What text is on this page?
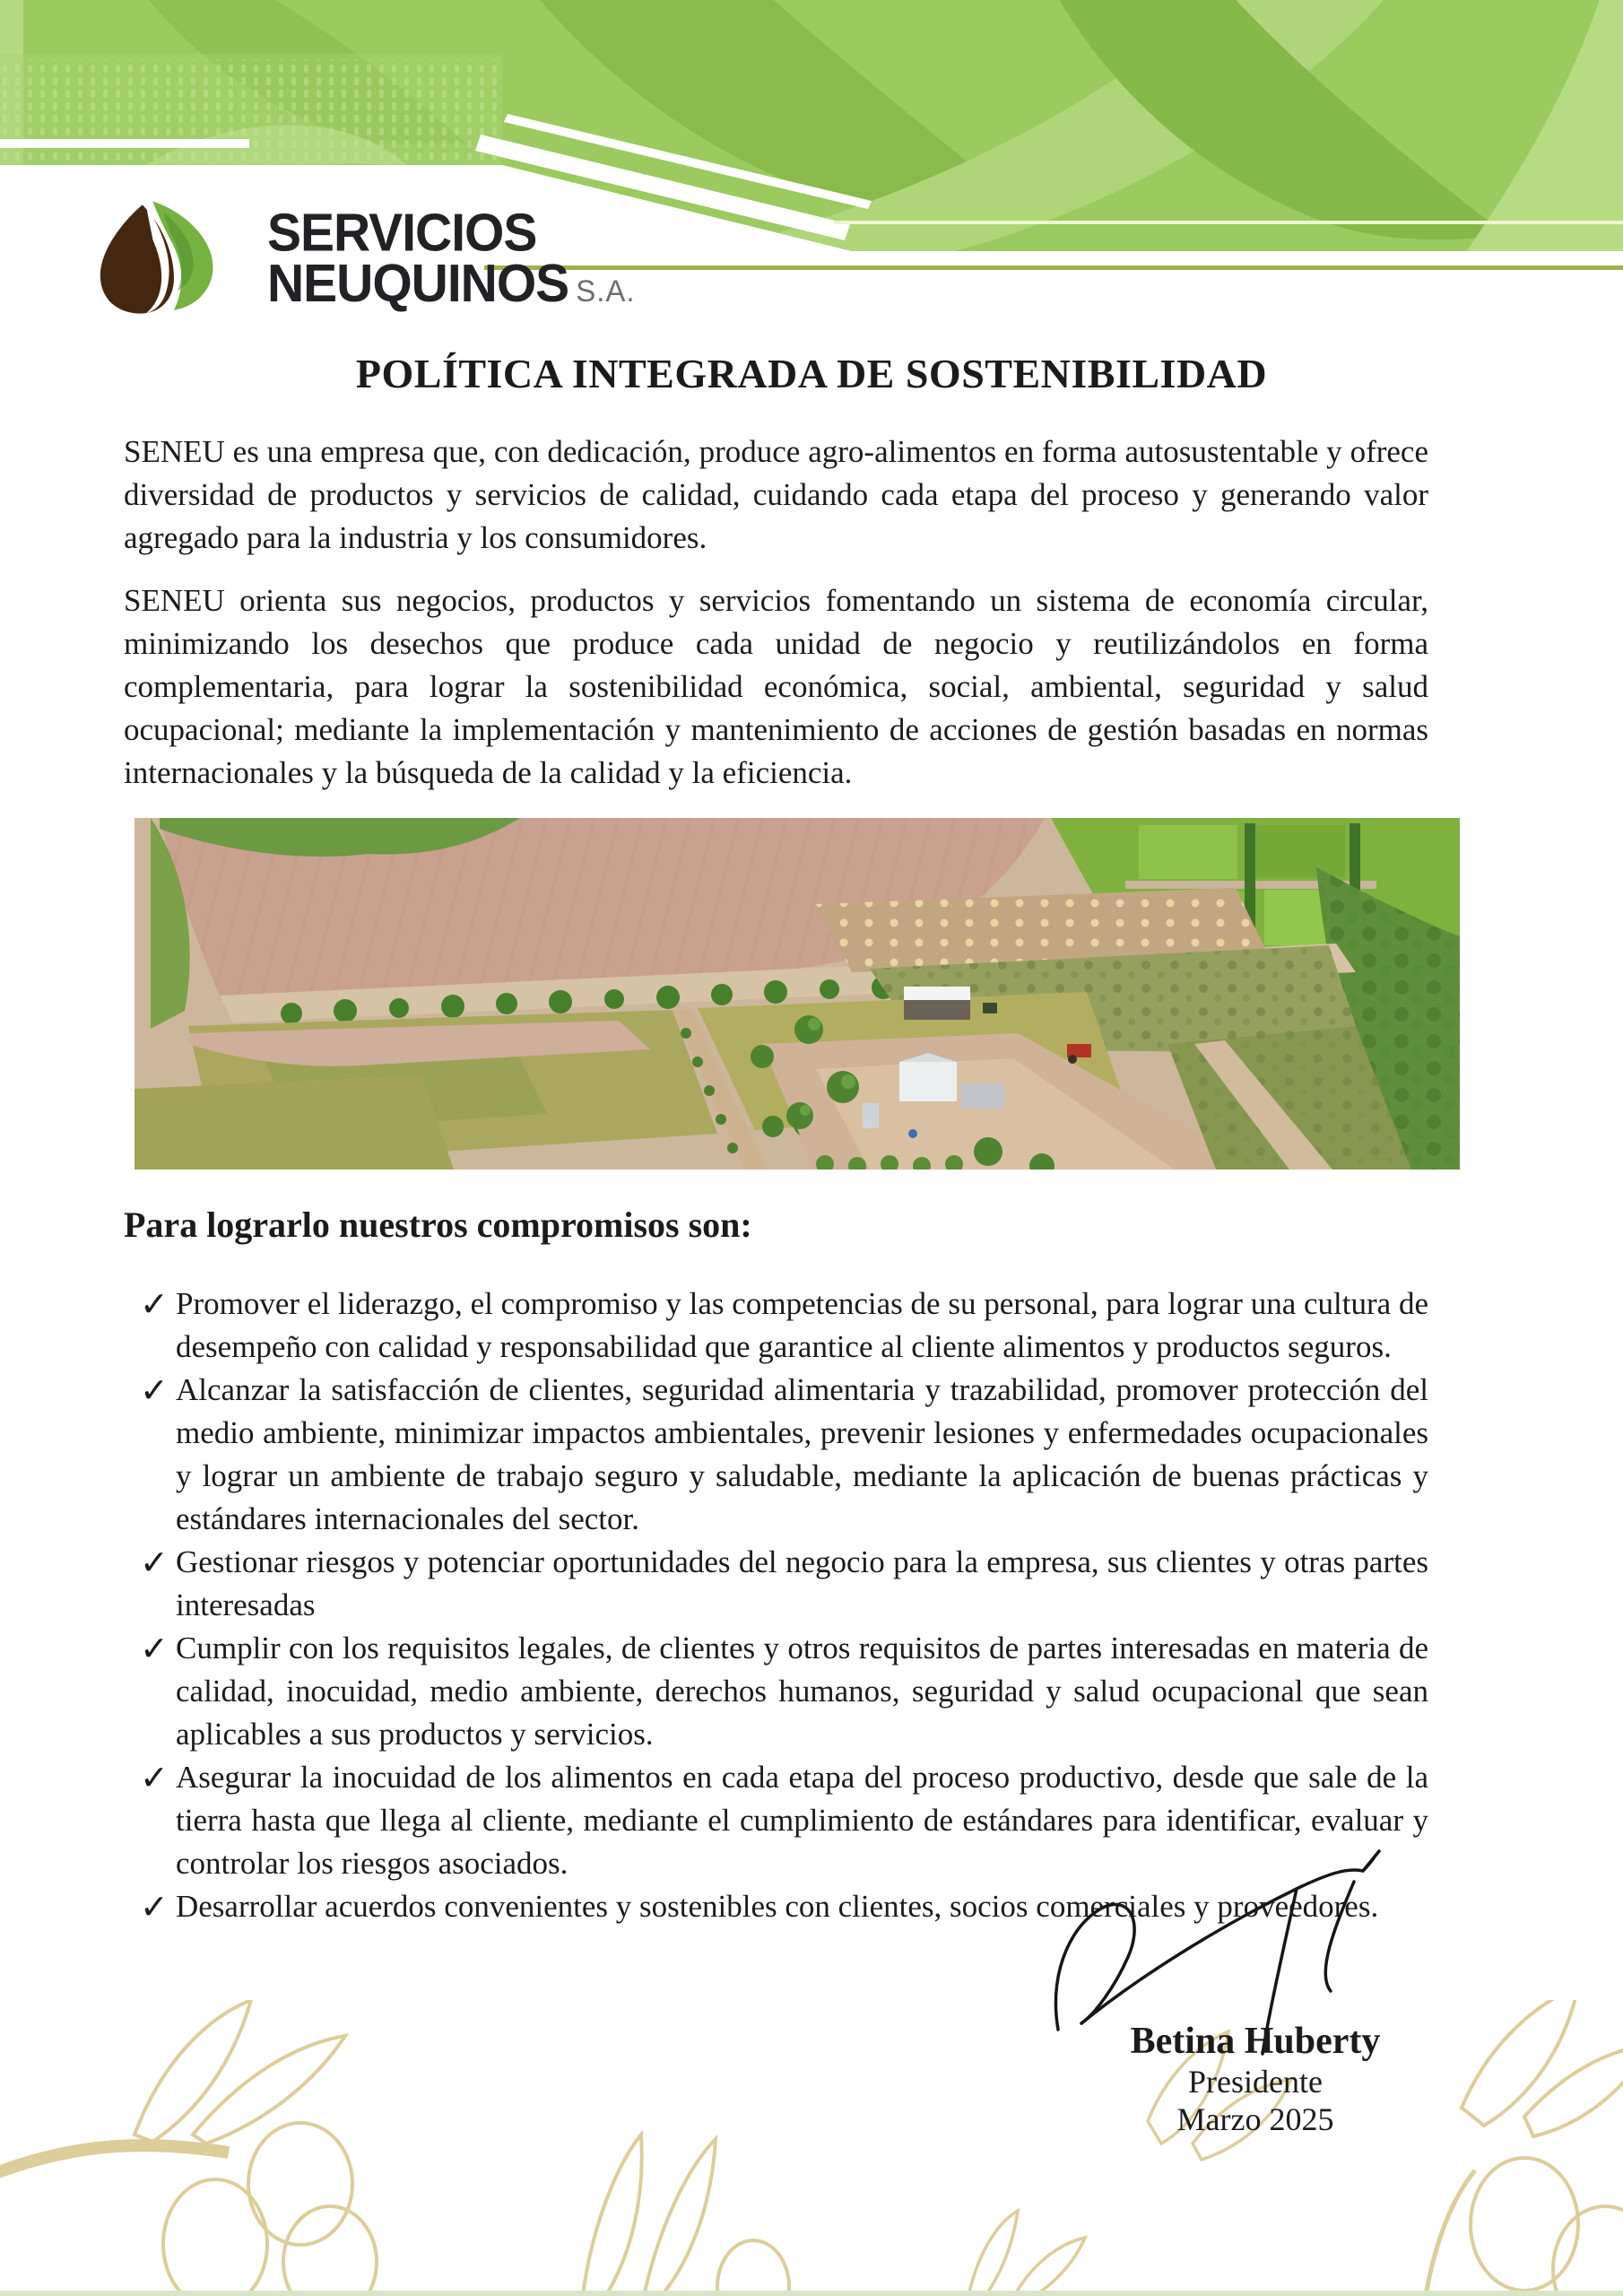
SERVICIOS
NEUQUINOS S.A.
POLÍTICA INTEGRADA DE SOSTENIBILIDAD
SENEU es una empresa que, con dedicación, produce agro-alimentos en forma autosustentable y ofrece diversidad de productos y servicios de calidad, cuidando cada etapa del proceso y generando valor agregado para la industria y los consumidores.
SENEU orienta sus negocios, productos y servicios fomentando un sistema de economía circular, minimizando los desechos que produce cada unidad de negocio y reutilizándolos en forma complementaria, para lograr la sostenibilidad económica, social, ambiental, seguridad y salud ocupacional; mediante la implementación y mantenimiento de acciones de gestión basadas en normas internacionales y la búsqueda de la calidad y la eficiencia.
Para lograrlo nuestros compromisos son:
✓ Promover el liderazgo, el compromiso y las competencias de su personal, para lograr una cultura de desempeño con calidad y responsabilidad que garantice al cliente alimentos y productos seguros.
✓ Alcanzar la satisfacción de clientes, seguridad alimentaria y trazabilidad, promover protección del medio ambiente, minimizar impactos ambientales, prevenir lesiones y enfermedades ocupacionales y lograr un ambiente de trabajo seguro y saludable, mediante la aplicación de buenas prácticas y estándares internacionales del sector.
✓ Gestionar riesgos y potenciar oportunidades del negocio para la empresa, sus clientes y otras partes interesadas
✓ Cumplir con los requisitos legales, de clientes y otros requisitos de partes interesadas en materia de calidad, inocuidad, medio ambiente, derechos humanos, seguridad y salud ocupacional que sean aplicables a sus productos y servicios.
✓ Asegurar la inocuidad de los alimentos en cada etapa del proceso productivo, desde que sale de la tierra hasta que llega al cliente, mediante el cumplimiento de estándares para identificar, evaluar y controlar los riesgos asociados.
✓ Desarrollar acuerdos convenientes y sostenibles con clientes, socios comerciales y proveedores.
Betina Huberty
Presidente
Marzo 2025
